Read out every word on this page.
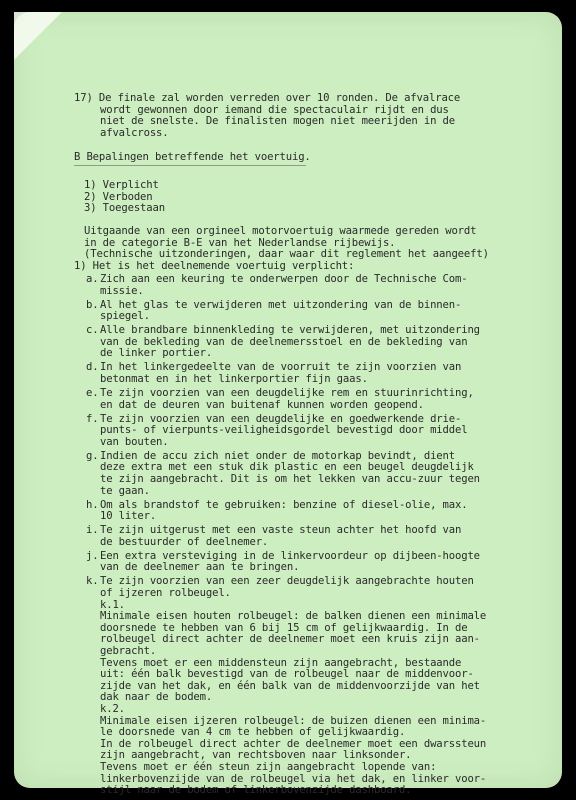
17) De finale zal worden verreden over 10 ronden. De afvalrace
wordt gewonnen door iemand die spectaculair rijdt en dus
niet de snelste. De finalisten mogen niet meerijden in de
afvalcross.
B Bepalingen betreffende het voertuig.
1) Verplicht
2) Verboden
3) Toegestaan
Uitgaande van een orgineel motorvoertuig waarmede gereden wordt
in de categorie B-E van het Nederlandse rijbewijs.
(Technische uitzonderingen, daar waar dit reglement het aangeeft)
1) Het is het deelnemende voertuig verplicht:
a. Zich aan een keuring te onderwerpen door de Technische Com-
missie.
b. Al het glas te verwijderen met uitzondering van de binnen-
spiegel.
c. Alle brandbare binnenkleding te verwijderen, met uitzondering
van de bekleding van de deelnemersstoel en de bekleding van
de linker portier.
d. In het linkergedeelte van de voorruit te zijn voorzien van
betonmat en in het linkerportier fijn gaas.
e. Te zijn voorzien van een deugdelijke rem en stuurinrichting,
en dat de deuren van buitenaf kunnen worden geopend.
f. Te zijn voorzien van een deugdelijke en goedwerkende drie-
punts- of vierpunts-veiligheidsgordel bevestigd door middel
van bouten.
g. Indien de accu zich niet onder de motorkap bevindt, dient
deze extra met een stuk dik plastic en een beugel deugdelijk
te zijn aangebracht. Dit is om het lekken van accu-zuur tegen
te gaan.
h. Om als brandstof te gebruiken: benzine of diesel-olie, max.
10 liter.
i. Te zijn uitgerust met een vaste steun achter het hoofd van
de bestuurder of deelnemer.
j. Een extra versteviging in de linkervoordeur op dijbeen-hoogte
van de deelnemer aan te bringen.
k. Te zijn voorzien van een zeer deugdelijk aangebrachte houten
of ijzeren rolbeugel.
k.1.
Minimale eisen houten rolbeugel: de balken dienen een minimale
doorsnede te hebben van 6 bij 15 cm of gelijkwaardig. In de
rolbeugel direct achter de deelnemer moet een kruis zijn aan-
gebracht.
Tevens moet er een middensteun zijn aangebracht, bestaande
uit: één balk bevestigd van de rolbeugel naar de middenvoor-
zijde van het dak, en één balk van de middenvoorzijde van het
dak naar de bodem.
k.2.
Minimale eisen ijzeren rolbeugel: de buizen dienen een minima-
le doorsnede van 4 cm te hebben of gelijkwaardig.
In de rolbeugel direct achter de deelnemer moet een dwarssteun
zijn aangebracht, van rechtsboven naar linksonder.
Tevens moet er één steun zijn aangebracht lopende van:
linkerbovenzijde van de rolbeugel via het dak, en linker voor-
stijl naar de bodem of linkerbovenzijde dashboard.
